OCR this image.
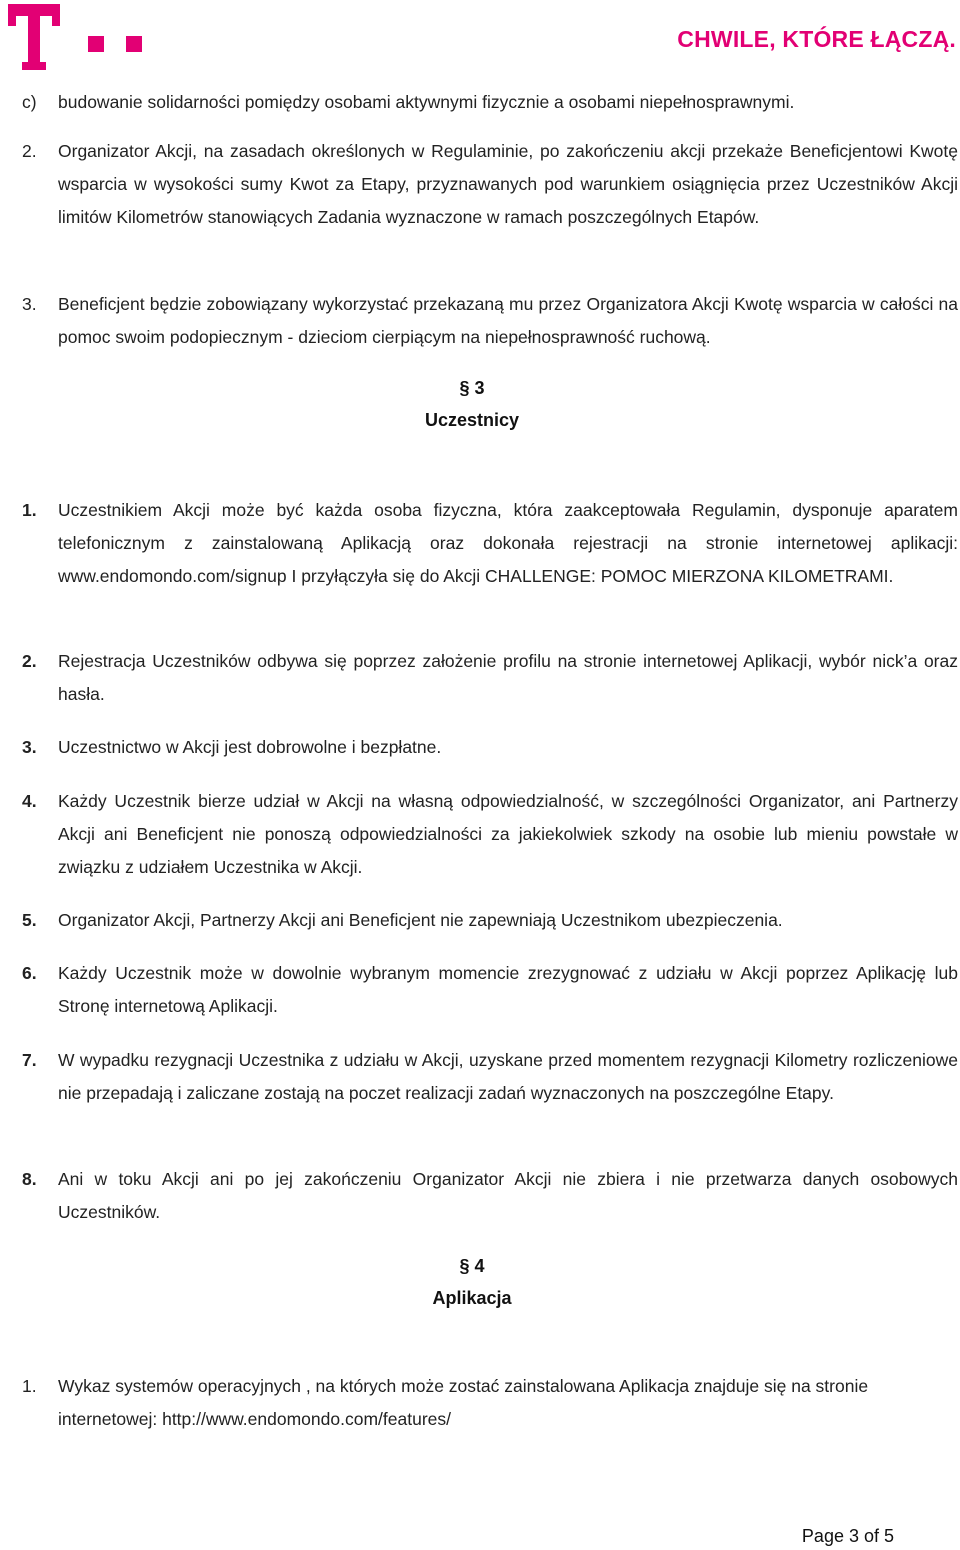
CHWILE, KTÓRE ŁĄCZĄ.
c)	budowanie solidarności pomiędzy osobami aktywnymi fizycznie a osobami niepełnosprawnymi.
2.	Organizator Akcji, na zasadach określonych w Regulaminie, po zakończeniu akcji przekaże Beneficjentowi Kwotę wsparcia w wysokości sumy Kwot za Etapy, przyznawanych pod warunkiem osiągnięcia przez Uczestników Akcji limitów Kilometrów stanowiących Zadania wyznaczone w ramach poszczególnych Etapów.
3.	Beneficjent będzie zobowiązany wykorzystać przekazaną mu przez Organizatora Akcji Kwotę wsparcia w całości na pomoc swoim podopiecznym - dzieciom cierpiącym na niepełnosprawność ruchową.
§ 3
Uczestnicy
1.	Uczestnikiem Akcji może być każda osoba fizyczna, która zaakceptowała Regulamin, dysponuje aparatem telefonicznym z zainstalowaną Aplikacją oraz dokonała rejestracji na stronie internetowej aplikacji: www.endomondo.com/signup I przyłączyła się do Akcji CHALLENGE: POMOC MIERZONA KILOMETRAMI.
2.	Rejestracja Uczestników odbywa się poprzez założenie profilu na stronie internetowej Aplikacji, wybór nick’a oraz hasła.
3.	Uczestnictwo w Akcji jest dobrowolne i bezpłatne.
4.	Każdy Uczestnik bierze udział w Akcji na własną odpowiedzialność, w szczególności Organizator, ani Partnerzy Akcji ani Beneficjent nie ponoszą odpowiedzialności za jakiekolwiek szkody na osobie lub mieniu powstałe w związku z udziałem Uczestnika w Akcji.
5.	Organizator Akcji, Partnerzy Akcji ani Beneficjent nie zapewniają Uczestnikom ubezpieczenia.
6.	Każdy Uczestnik może w dowolnie wybranym momencie zrezygnować z udziału w Akcji poprzez Aplikację lub Stronę internetową Aplikacji.
7.	W wypadku rezygnacji Uczestnika z udziału w Akcji, uzyskane przed momentem rezygnacji Kilometry rozliczeniowe nie przepadają i zaliczane zostają na poczet realizacji zadań wyznaczonych na poszczególne Etapy.
8.	Ani w toku Akcji ani po jej zakończeniu Organizator Akcji nie zbiera i nie przetwarza danych osobowych Uczestników.
§ 4
Aplikacja
1.	Wykaz systemów operacyjnych , na których może zostać zainstalowana Aplikacja znajduje się na stronie internetowej: http://www.endomondo.com/features/
Page 3 of 5
